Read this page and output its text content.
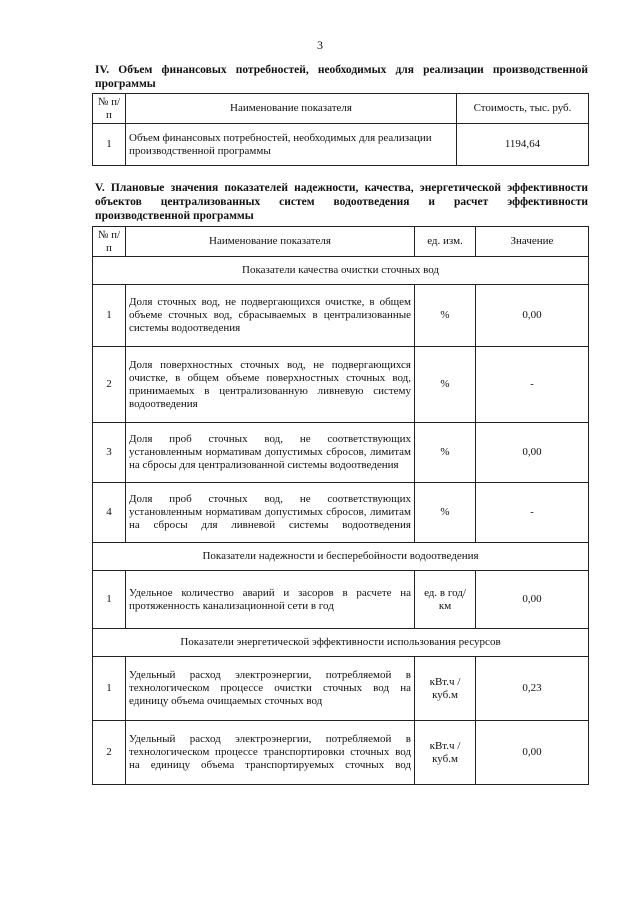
3
IV. Объем финансовых потребностей, необходимых для реализации производственной программы
№ п/п	Наименование показателя	Стоимость, тыс. руб.
1	Объем финансовых потребностей, необходимых для реализации производственной программы	1194,64
V. Плановые значения показателей надежности, качества, энергетической эффективности объектов централизованных систем водоотведения и расчет эффективности производственной программы
№ п/п	Наименование показателя	ед. изм.	Значение
Показатели качества очистки сточных вод			
1	Доля сточных вод, не подвергающихся очистке, в общем объеме сточных вод, сбрасываемых в централизованные системы водоотведения	%	0,00
2	Доля поверхностных сточных вод, не подвергающихся очистке, в общем объеме поверхностных сточных вод, принимаемых в централизованную ливневую систему водоотведения	%	-
3	Доля проб сточных вод, не соответствующих установленным нормативам допустимых сбросов, лимитам на сбросы для централизованной системы водоотведения	%	0,00
4	Доля проб сточных вод, не соответствующих установленным нормативам допустимых сбросов, лимитам на сбросы для ливневой системы водоотведения	%	-
Показатели надежности и бесперебойности водоотведения			
1	Удельное количество аварий и засоров в расчете на протяженность канализационной сети в год	ед. в год/ км	0,00
Показатели энергетической эффективности использования ресурсов			
1	Удельный расход электроэнергии, потребляемой в технологическом процессе очистки сточных вод на единицу объема очищаемых сточных вод	кВт.ч / куб.м	0,23
2	Удельный расход электроэнергии, потребляемой в технологическом процессе транспортировки сточных вод на единицу объема транспортируемых сточных вод	кВт.ч / куб.м	0,00
